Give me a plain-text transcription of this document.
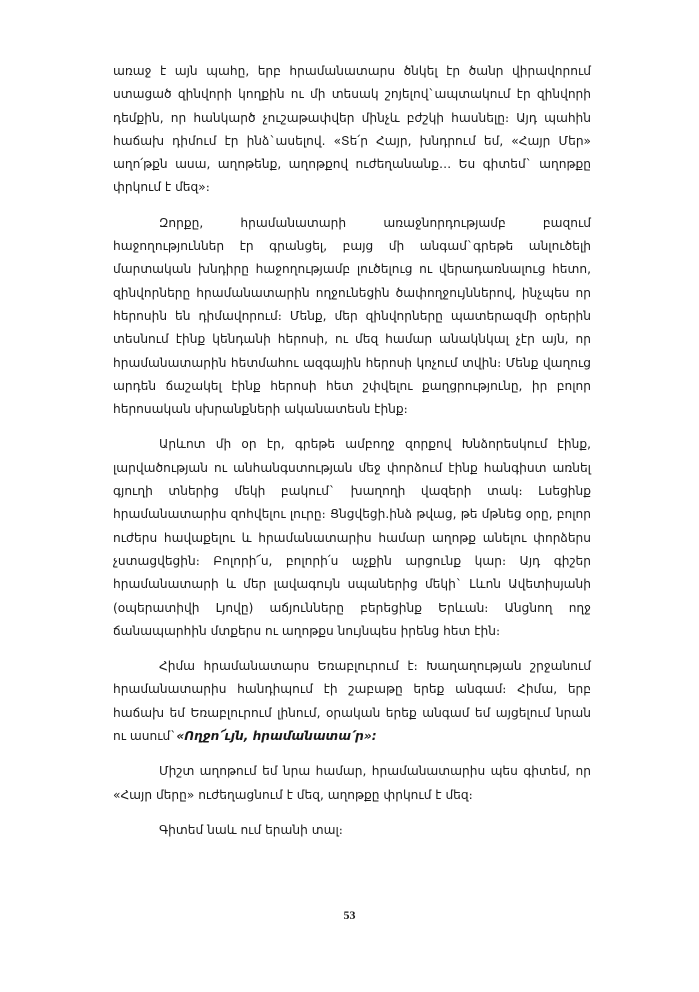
առաջ է այն պահը, երբ հրամանատարս ծնկել էր ծանր վիրավորում ստացած զինվորի կողքին ու մի տեսակ շոյելով`ապտակում էր զինվորի դեմքին, որ հանկարծ չուշաթափվեր մինչև բժշկի հասնելը։ Այդ պահին հաճախ դիմում էր ինձ`ասելով. «Տե՛ր Հայր, խնդրում եմ, «Հայր Մեր» աղո՛թքն ասա, աղոթենք, աղոթքով ուժեղանանք… Ես գիտեմ` աղոթքը փրկում է մեզ»։

Զորքը, հրամանատարի առաջնորդությամբ բազում հաջողություններ էր գրանցել, բայց մի անգամ`գրեթե անլուծելի մարտական խնդիրը հաջողությամբ լուծելուց ու վերադառնալուց հետո, զինվորները հրամանատարին ողջունեցին ծափողջույններով, ինչպես որ հերոսին են դիմավորում։ Մենք, մեր զինվորները պատերազմի օրերին տեսնում էինք կենդանի հերոսի, ու մեզ համար անակնկալ չէր այն, որ հրամանատարին հետմահու ազգային հերոսի կոչում տվին։ Մենք վաղուց արդեն ճաշակել էինք հերոսի հետ շփվելու քաղցրությունը, իր բոլոր հերոսական սխրանքների ականատեսն էինք։

Արևոտ մի օր էր, գրեթե ամբողջ զորքով Խնձորեսկում էինք, լարվածության ու անհանգստության մեջ փորձում էինք հանգիստ առնել գյուղի տներից մեկի բակում` խաղողի վազերի տակ։ Լսեցինք հրամանատարիս զոհվելու լուրը։ Ցնցվեցի.ինձ թվաց, թե մթնեց օրը, բոլոր ուժերս հավաքելու և հրամանատարիս համար աղոթք անելու փորձերս չստացվեցին։ Բոլորի՜ս, բոլորի՛ս աչքին արցունք կար։ Այդ գիշեր հրամանատարի և մեր լավագույն սպաներից մեկի` Լևոն Ավետիսյանի (օպերատիվի Լյովը) աճյունները բերեցինք Երևան։ Անցնող ողջ ճանապարհին մտքերս ու աղոթքս նույնպես իրենց հետ էին։

Հիմա հրամանատարս Եռաբլուրում է։ Խաղաղության շրջանում հրամանատարիս հանդիպում էի շաբաթը երեք անգամ։ Հիմա, երբ հաճախ եմ Եռաբլուրում լինում, օրական երեք անգամ եմ այցելում նրան ու ասում`«Ողջո՜ւյն, հրամանատա՛ր»։

Միշտ աղոթում եմ նրա համար, հրամանատարիս պես գիտեմ, որ «Հայր մերը» ուժեղացնում է մեզ, աղոթքը փրկում է մեզ։

Գիտեմ նաև ում երանի տալ։

53
